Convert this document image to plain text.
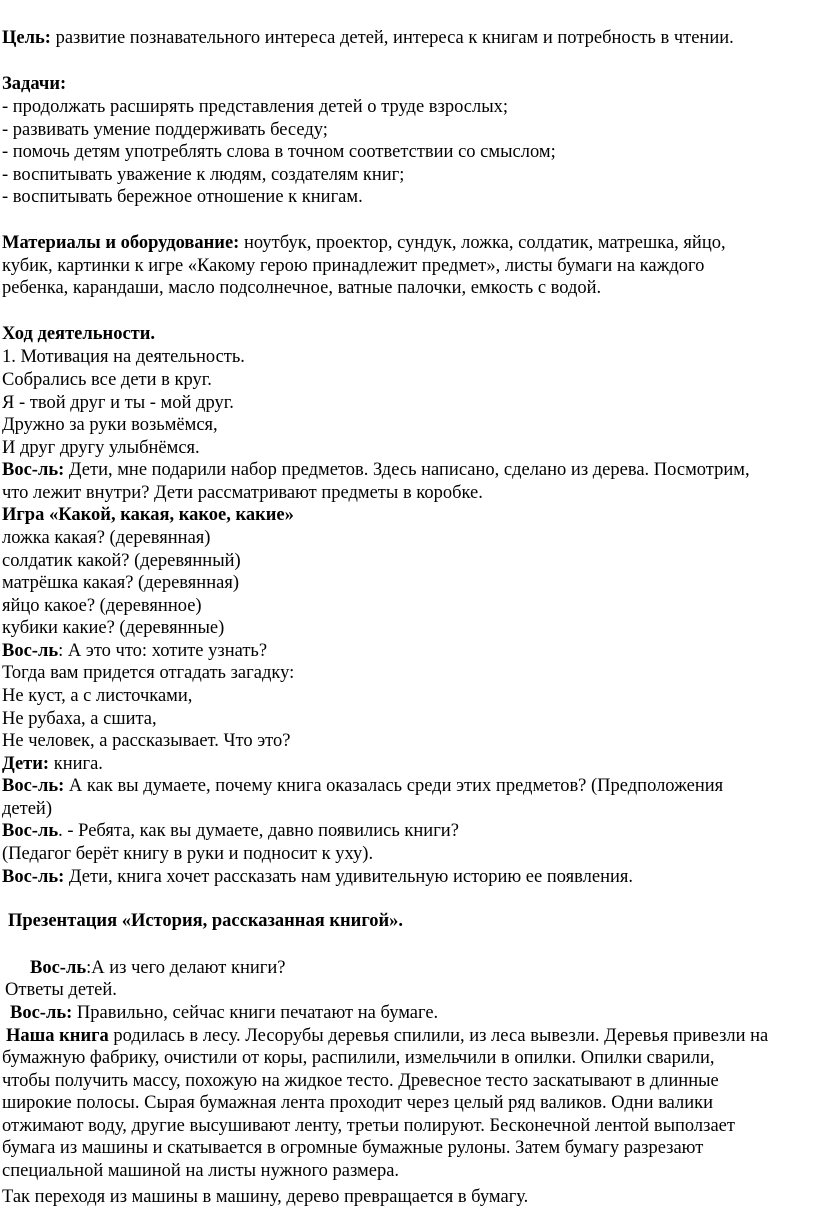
Цель: развитие познавательного интереса детей, интереса к книгам и потребность в чтении.
Задачи:
- продолжать расширять представления детей о труде взрослых;
- развивать умение поддерживать беседу;
- помочь детям употреблять слова в точном соответствии со смыслом;
- воспитывать уважение к людям, создателям книг;
- воспитывать бережное отношение к книгам.
Материалы и оборудование: ноутбук, проектор, сундук, ложка, солдатик, матрешка, яйцо,
кубик, картинки к игре «Какому герою принадлежит предмет», листы бумаги на каждого
ребенка, карандаши, масло подсолнечное, ватные палочки, емкость с водой.
Ход деятельности.
1. Мотивация на деятельность.
Собрались все дети в круг.
Я - твой друг и ты - мой друг.
Дружно за руки возьмёмся,
И друг другу улыбнёмся.
Вос-ль: Дети, мне подарили набор предметов. Здесь написано, сделано из дерева. Посмотрим,
что лежит внутри? Дети рассматривают предметы в коробке.
Игра «Какой, какая, какое, какие»
ложка какая? (деревянная)
солдатик какой? (деревянный)
матрёшка какая? (деревянная)
яйцо какое? (деревянное)
кубики какие? (деревянные)
Вос-ль: А это что: хотите узнать?
Тогда вам придется отгадать загадку:
Не куст, а с листочками,
Не рубаха, а сшита,
Не человек, а рассказывает. Что это?
Дети: книга.
Вос-ль: А как вы думаете, почему книга оказалась среди этих предметов? (Предположения
детей)
Вос-ль. - Ребята, как вы думаете, давно появились книги?
(Педагог берёт книгу в руки и подносит к уху).
Вос-ль: Дети, книга хочет рассказать нам удивительную историю ее появления.
Презентация «История, рассказанная книгой».
Вос-ль:А из чего делают книги?
Ответы детей.
Вос-ль: Правильно, сейчас книги печатают на бумаге.
Наша книга родилась в лесу. Лесорубы деревья спилили, из леса вывезли. Деревья привезли на
бумажную фабрику, очистили от коры, распилили, измельчили в опилки. Опилки сварили,
чтобы получить массу, похожую на жидкое тесто. Древесное тесто заскатывают в длинные
широкие полосы. Сырая бумажная лента проходит через целый ряд валиков. Одни валики
отжимают воду, другие высушивают ленту, третьи полируют. Бесконечной лентой выползает
бумага из машины и скатывается в огромные бумажные рулоны. Затем бумагу разрезают
специальной машиной на листы нужного размера.
Так переходя из машины в машину, дерево превращается в бумагу.
